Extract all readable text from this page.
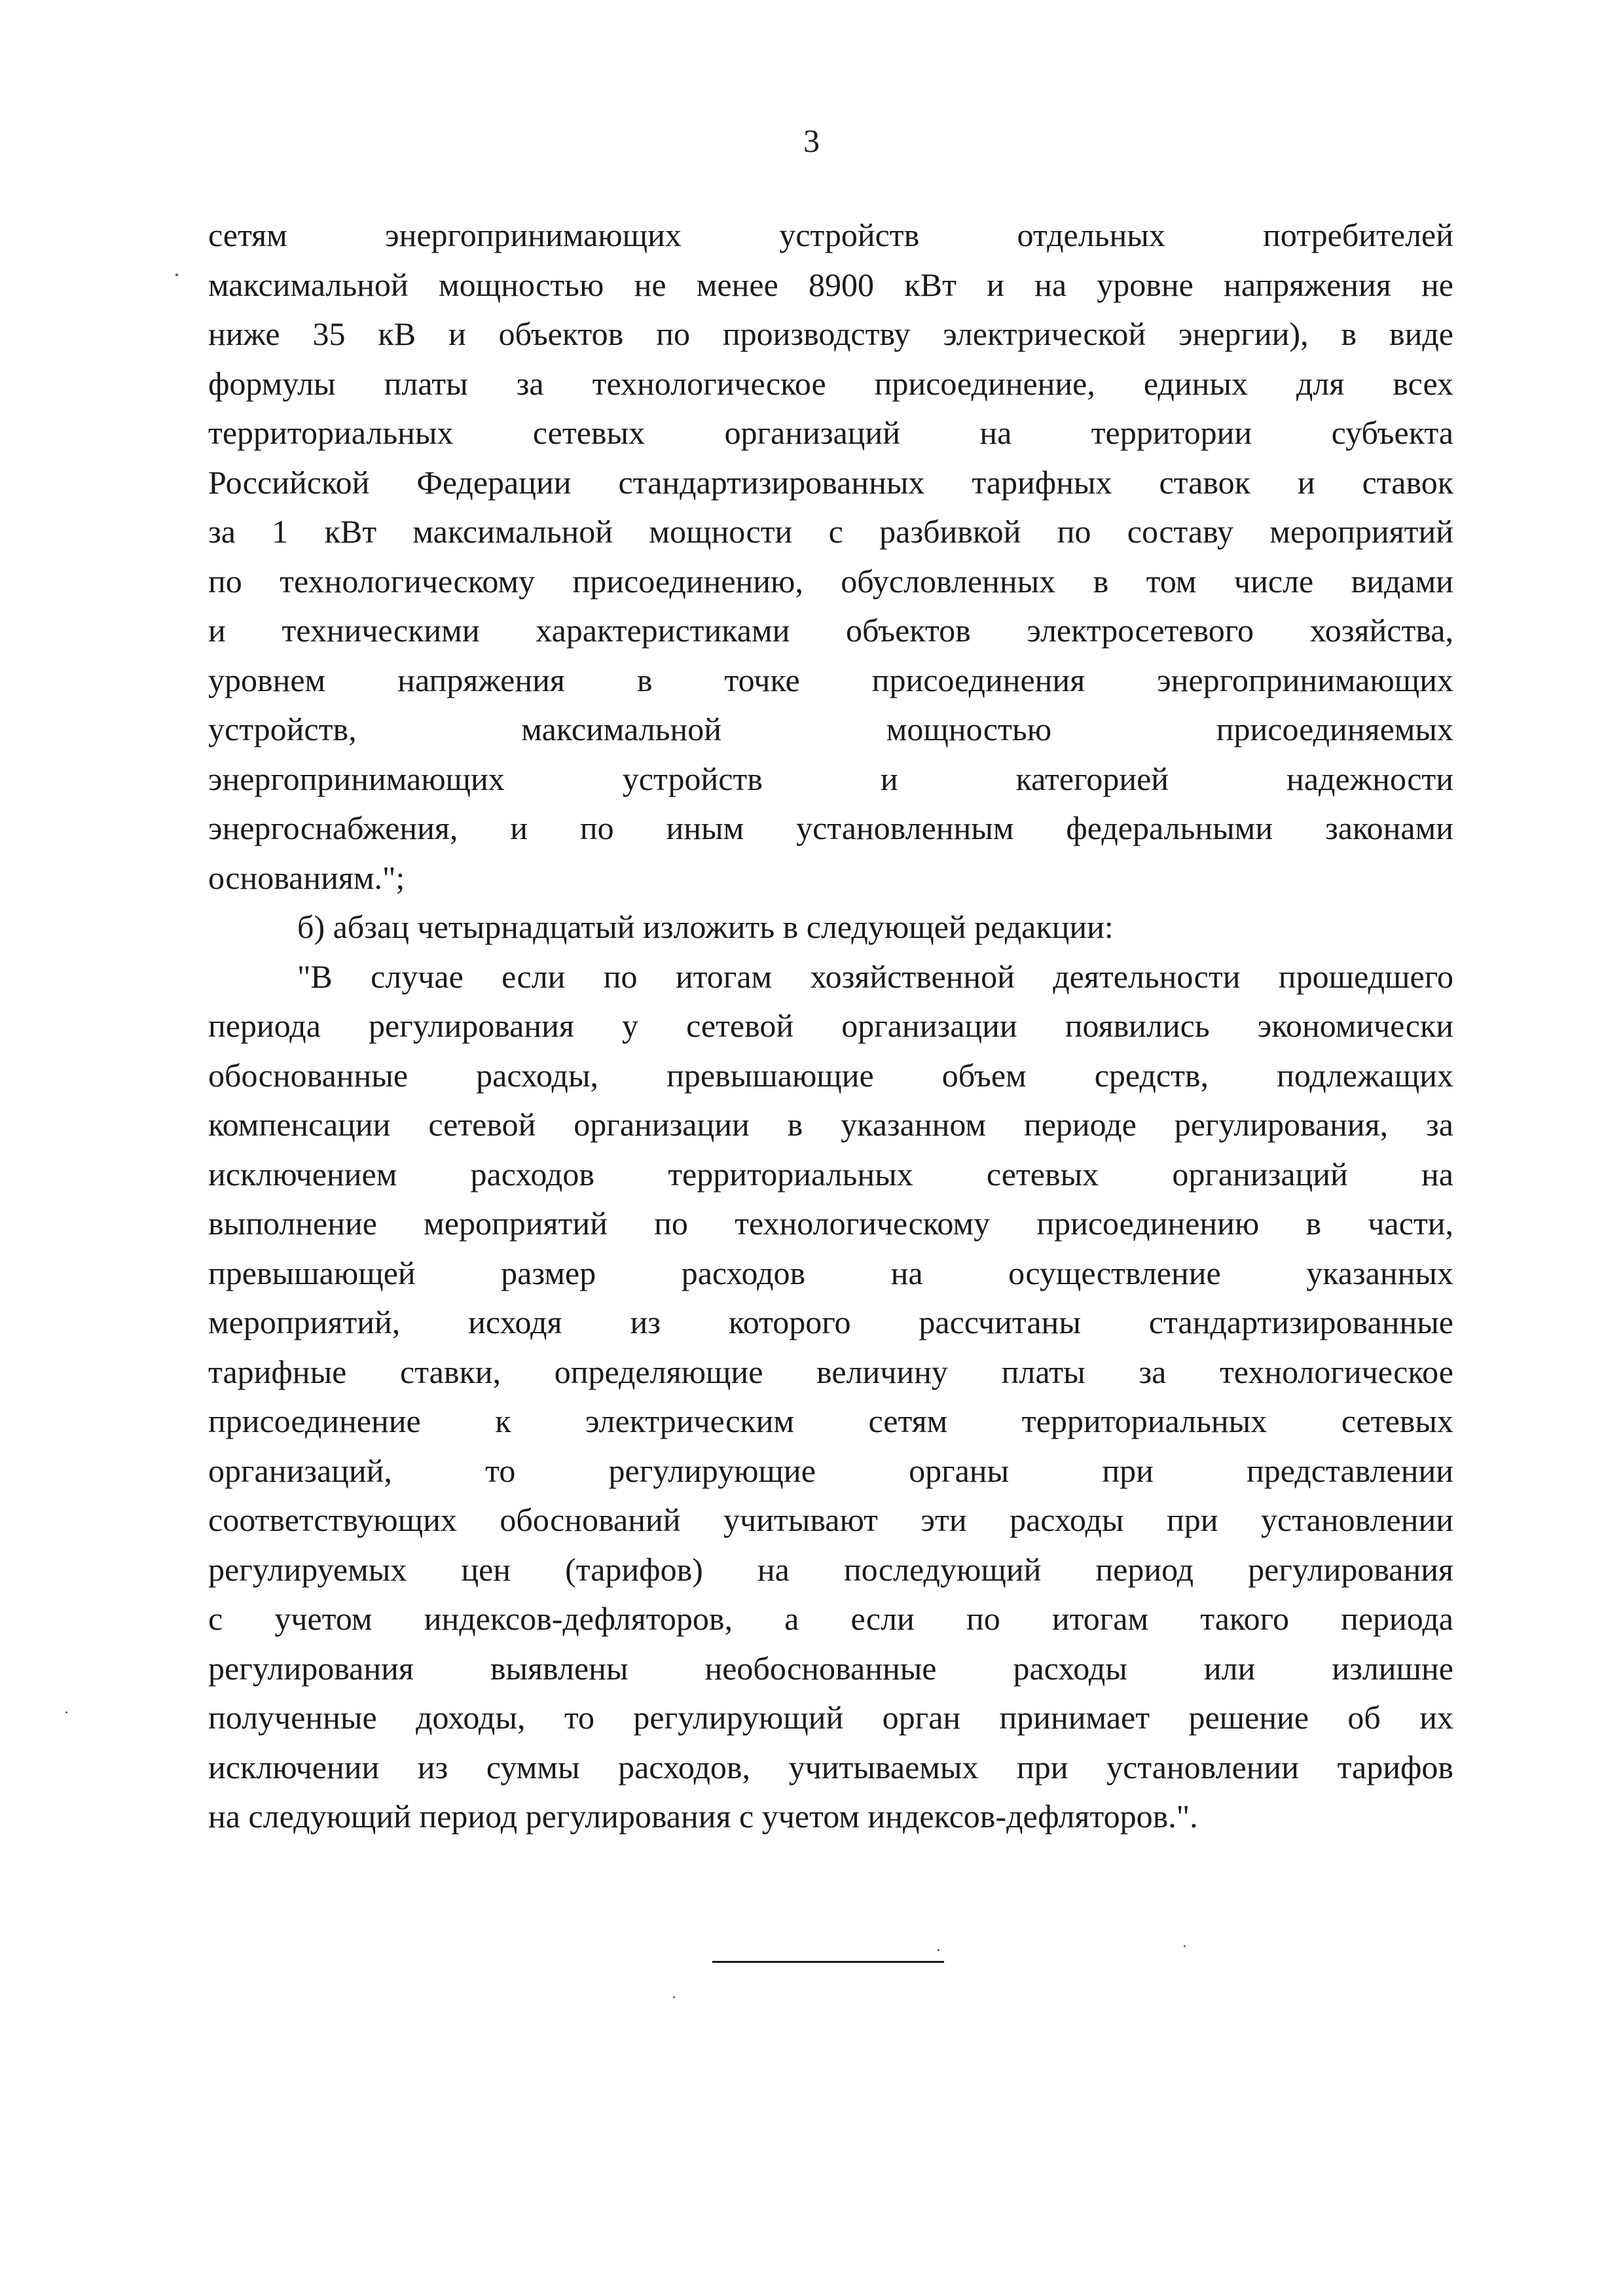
3
сетям энергопринимающих устройств отдельных потребителей
максимальной мощностью не менее 8900 кВт и на уровне напряжения не
ниже 35 кВ и объектов по производству электрической энергии), в виде
формулы платы за технологическое присоединение, единых для всех
территориальных сетевых организаций на территории субъекта
Российской Федерации стандартизированных тарифных ставок и ставок
за 1 кВт максимальной мощности с разбивкой по составу мероприятий
по технологическому присоединению, обусловленных в том числе видами
и техническими характеристиками объектов электросетевого хозяйства,
уровнем напряжения в точке присоединения энергопринимающих
устройств, максимальной мощностью присоединяемых
энергопринимающих устройств и категорией надежности
энергоснабжения, и по иным установленным федеральными законами
основаниям.";
б) абзац четырнадцатый изложить в следующей редакции:
"В случае если по итогам хозяйственной деятельности прошедшего
периода регулирования у сетевой организации появились экономически
обоснованные расходы, превышающие объем средств, подлежащих
компенсации сетевой организации в указанном периоде регулирования, за
исключением расходов территориальных сетевых организаций на
выполнение мероприятий по технологическому присоединению в части,
превышающей размер расходов на осуществление указанных
мероприятий, исходя из которого рассчитаны стандартизированные
тарифные ставки, определяющие величину платы за технологическое
присоединение к электрическим сетям территориальных сетевых
организаций, то регулирующие органы при представлении
соответствующих обоснований учитывают эти расходы при установлении
регулируемых цен (тарифов) на последующий период регулирования
с учетом индексов-дефляторов, а если по итогам такого периода
регулирования выявлены необоснованные расходы или излишне
полученные доходы, то регулирующий орган принимает решение об их
исключении из суммы расходов, учитываемых при установлении тарифов
на следующий период регулирования с учетом индексов-дефляторов.".
